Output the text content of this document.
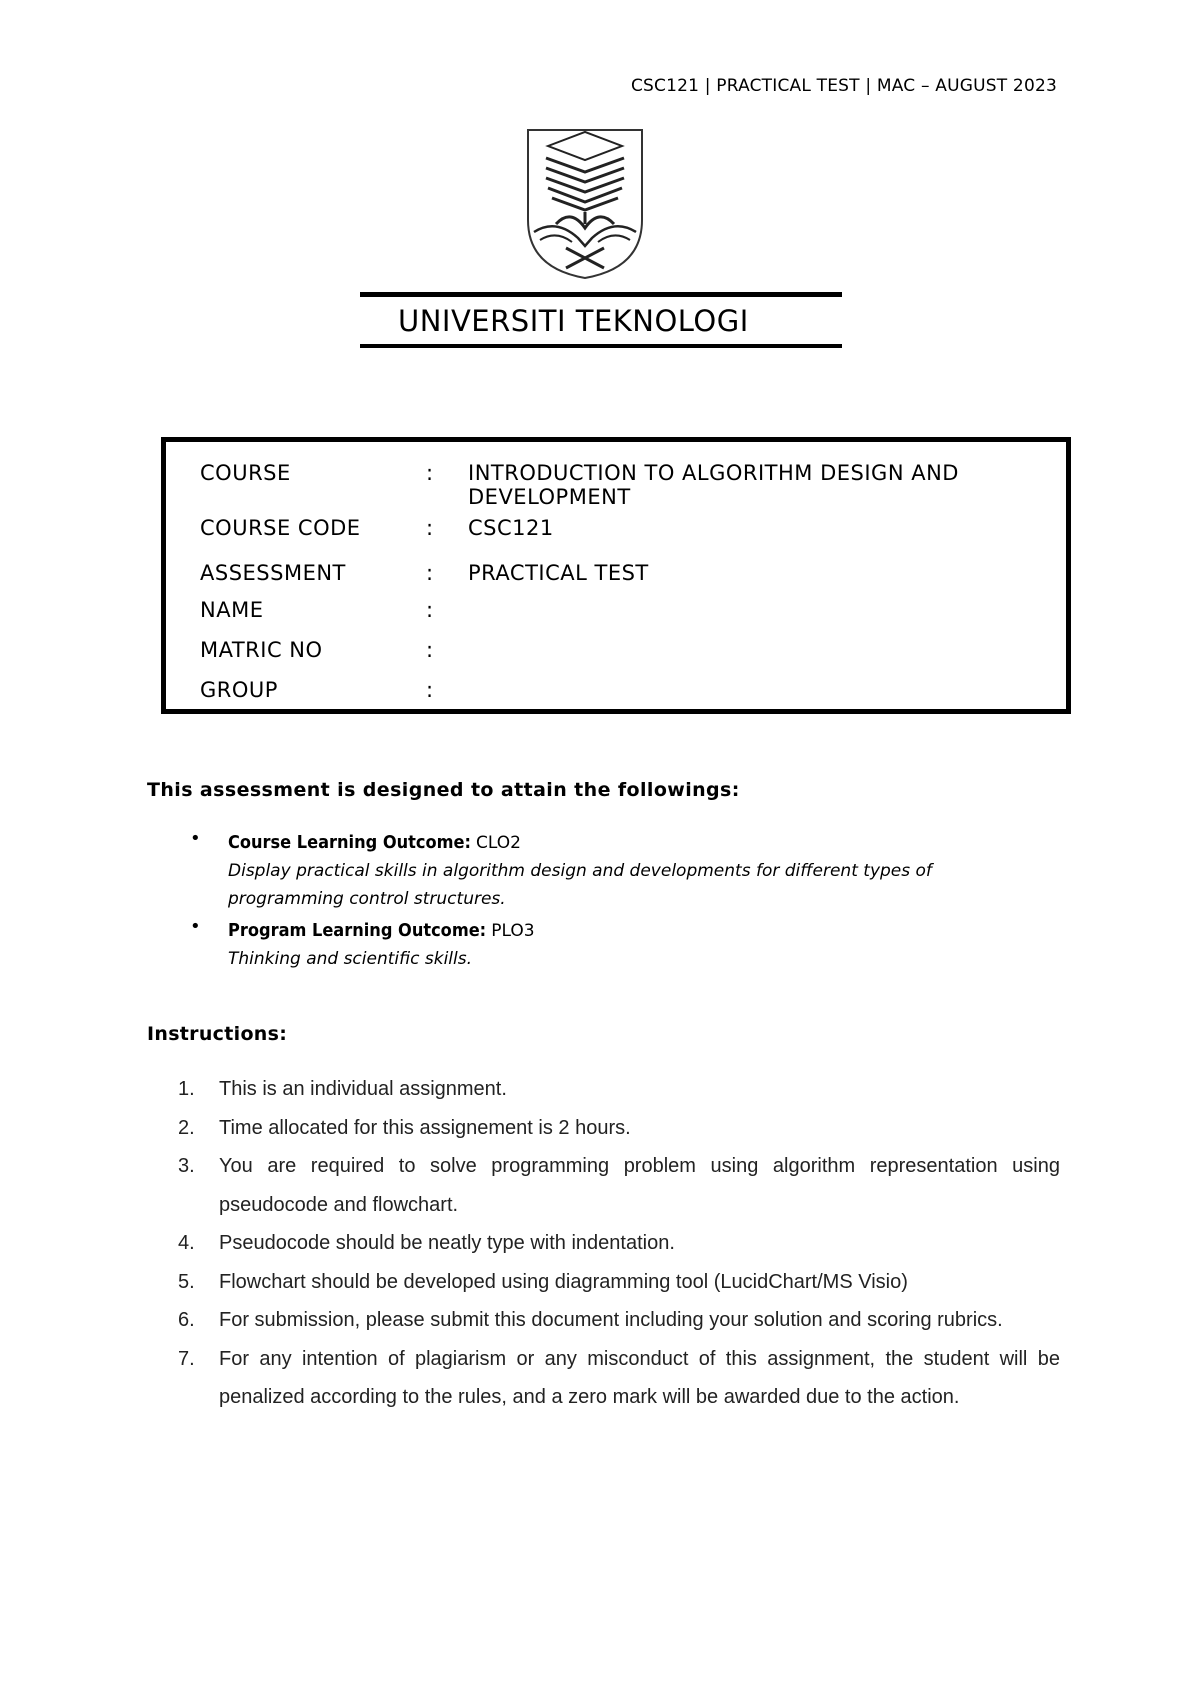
CSC121 | PRACTICAL TEST | MAC – AUGUST 2023
UNIVERSITI TEKNOLOGI
COURSE	: INTRODUCTION TO ALGORITHM DESIGN AND DEVELOPMENT
COURSE CODE	: CSC121
ASSESSMENT	: PRACTICAL TEST
NAME	:
MATRIC NO	:
GROUP	:
This assessment is designed to attain the followings:
• Course Learning Outcome: CLO2
Display practical skills in algorithm design and developments for different types of
programming control structures.
• Program Learning Outcome: PLO3
Thinking and scientific skills.
Instructions:
1. This is an individual assignment.
2. Time allocated for this assignement is 2 hours.
3. You are required to solve programming problem using algorithm representation using pseudocode and flowchart.
4. Pseudocode should be neatly type with indentation.
5. Flowchart should be developed using diagramming tool (LucidChart/MS Visio)
6. For submission, please submit this document including your solution and scoring rubrics.
7. For any intention of plagiarism or any misconduct of this assignment, the student will be penalized according to the rules, and a zero mark will be awarded due to the action.
